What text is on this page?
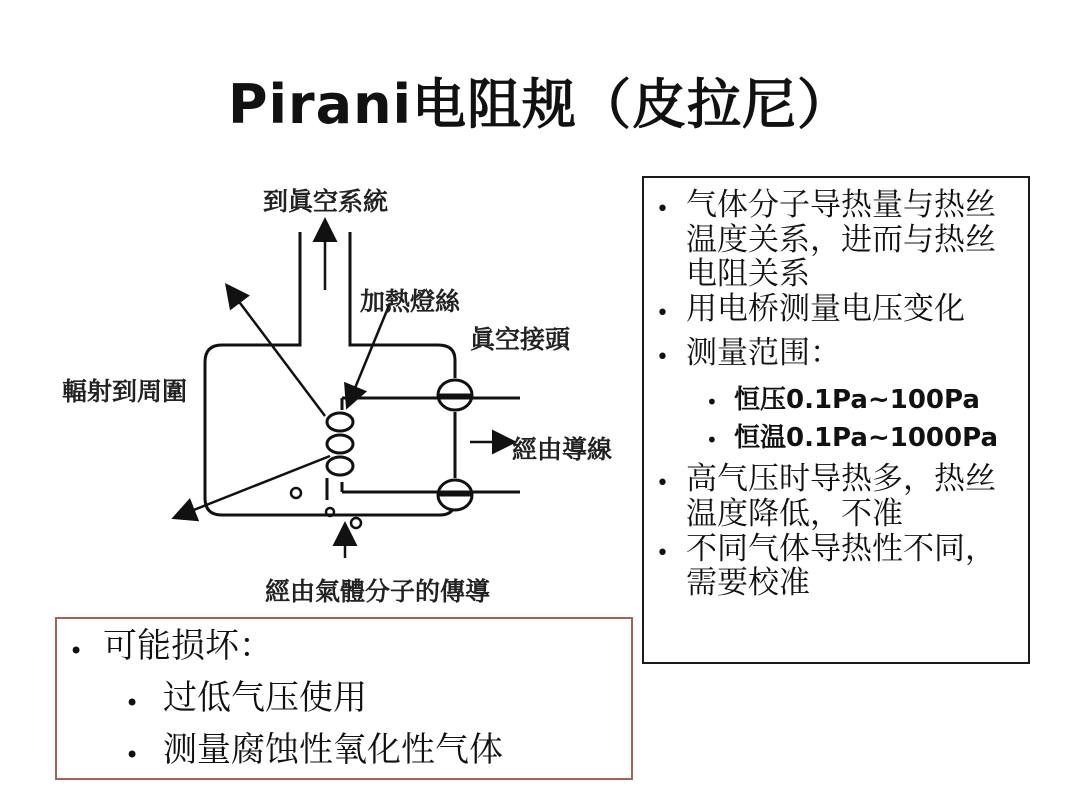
Pirani电阻规（皮拉尼）
到眞空系統
加熱燈絲
眞空接頭
輻射到周圍
經由導線
經由氣體分子的傳導
• 气体分子导热量与热丝温度关系，进而与热丝电阻关系
• 用电桥测量电压变化
• 测量范围：
• 恒压0.1Pa~100Pa
• 恒温0.1Pa~1000Pa
• 高气压时导热多，热丝温度降低，不准
• 不同气体导热性不同，需要校准
• 可能损坏：
• 过低气压使用
• 测量腐蚀性氧化性气体
